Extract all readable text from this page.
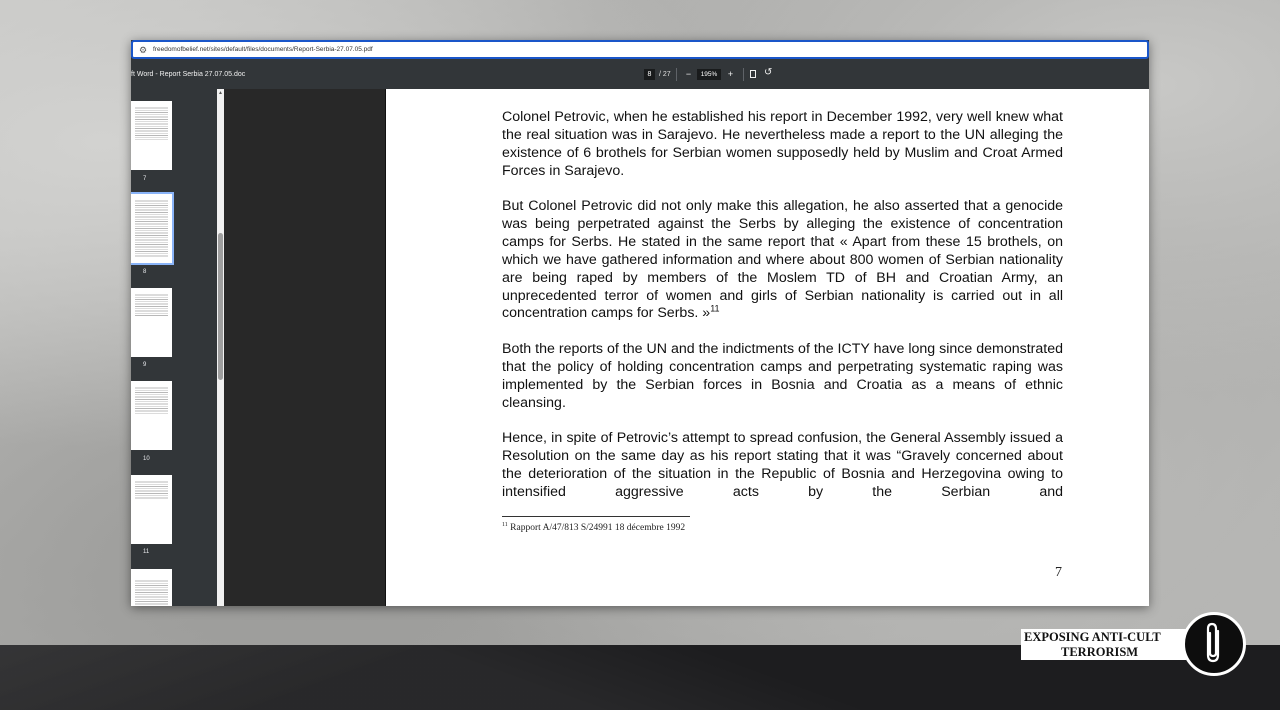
⚙ freedomofbelief.net/sites/default/files/documents/Report-Serbia-27.07.05.pdf
ft Word - Report Serbia 27.07.05.doc	8	/ 27	−	195%	+	↺
7
8
9
10
11
▲

Colonel Petrovic, when he established his report in December 1992, very well knew what the real situation was in Sarajevo. He nevertheless made a report to the UN alleging the existence of 6 brothels for Serbian women supposedly held by Muslim and Croat Armed Forces in Sarajevo.

But Colonel Petrovic did not only make this allegation, he also asserted that a genocide was being perpetrated against the Serbs by alleging the existence of concentration camps for Serbs. He stated in the same report that « Apart from these 15 brothels, on which we have gathered information and where about 800 women of Serbian nationality are being raped by members of the Moslem TD of BH and Croatian Army, an unprecedented terror of women and girls of Serbian nationality is carried out in all concentration camps for Serbs. »$^{11}$

Both the reports of the UN and the indictments of the ICTY have long since demonstrated that the policy of holding concentration camps and perpetrating systematic raping was implemented by the Serbian forces in Bosnia and Croatia as a means of ethnic cleansing.

Hence, in spite of Petrovic’s attempt to spread confusion, the General Assembly issued a Resolution on the same day as his report stating that it was “Gravely concerned about the deterioration of the situation in the Republic of Bosnia and Herzegovina owing to intensified aggressive acts by the Serbian and

$^{11}$ Rapport A/47/813 S/24991 18 décembre 1992
7
EXPOSING ANTI-CULT
TERRORISM
